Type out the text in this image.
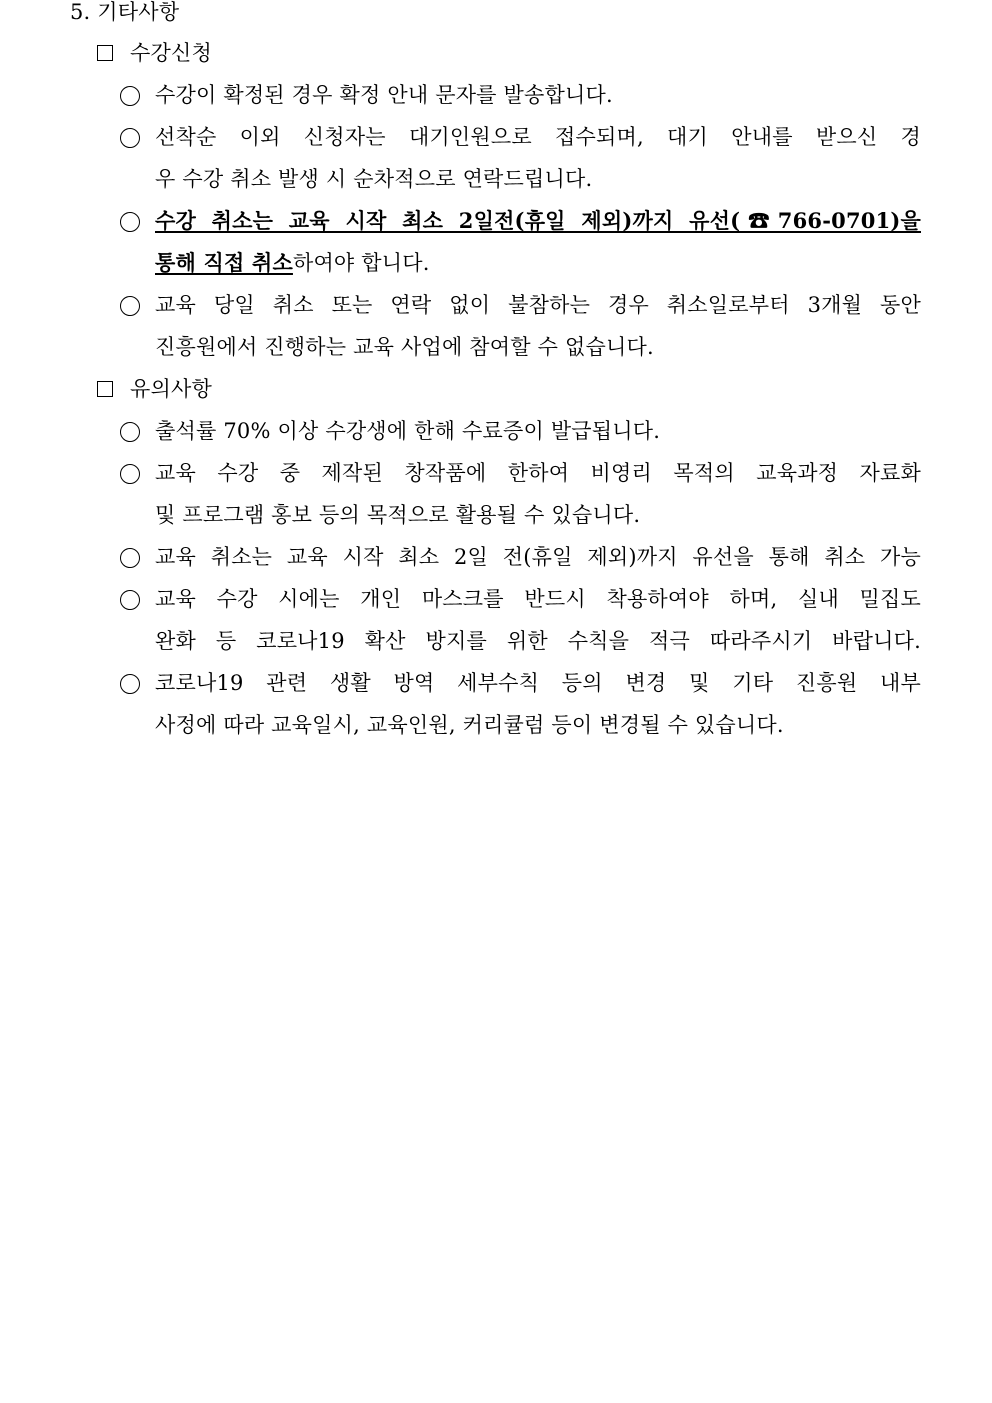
5. 기타사항
수강신청
수강이 확정된 경우 확정 안내 문자를 발송합니다.
선착순 이외 신청자는 대기인원으로 접수되며, 대기 안내를 받으신 경
우 수강 취소 발생 시 순차적으로 연락드립니다.
수강 취소는 교육 시작 최소 2일전(휴일 제외)까지 유선(☎766-0701)을
통해 직접 취소하여야 합니다.
교육 당일 취소 또는 연락 없이 불참하는 경우 취소일로부터 3개월 동안
진흥원에서 진행하는 교육 사업에 참여할 수 없습니다.
유의사항
출석률 70% 이상 수강생에 한해 수료증이 발급됩니다.
교육 수강 중 제작된 창작품에 한하여 비영리 목적의 교육과정 자료화
및 프로그램 홍보 등의 목적으로 활용될 수 있습니다.
교육 취소는 교육 시작 최소 2일 전(휴일 제외)까지 유선을 통해 취소 가능
교육 수강 시에는 개인 마스크를 반드시 착용하여야 하며, 실내 밀집도
완화 등 코로나19 확산 방지를 위한 수칙을 적극 따라주시기 바랍니다.
코로나19 관련 생활 방역 세부수칙 등의 변경 및 기타 진흥원 내부
사정에 따라 교육일시, 교육인원, 커리큘럼 등이 변경될 수 있습니다.
